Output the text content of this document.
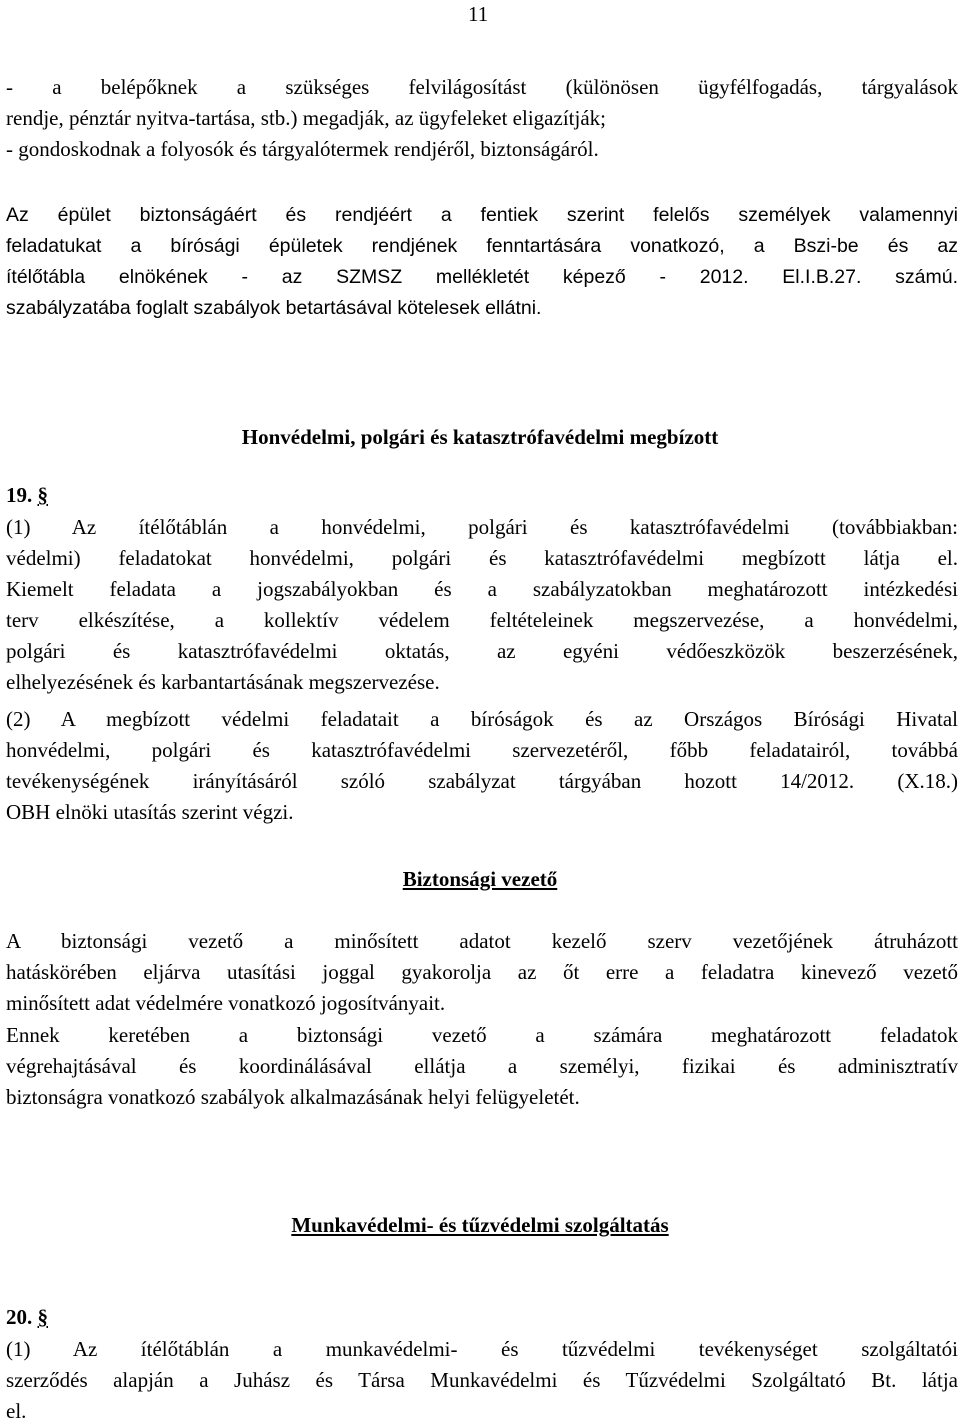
11
- a belépőknek a szükséges felvilágosítást (különösen ügyfélfogadás, tárgyalások
rendje, pénztár nyitva-tartása, stb.) megadják, az ügyfeleket eligazítják;
- gondoskodnak a folyosók és tárgyalótermek rendjéről, biztonságáról.
Az épület biztonságáért és rendjéért a fentiek szerint felelős személyek valamennyi
feladatukat a bírósági épületek rendjének fenntartására vonatkozó, a Bszi-be és az
ítélőtábla elnökének - az SZMSZ mellékletét képező - 2012. El.I.B.27. számú.
szabályzatába foglalt szabályok betartásával kötelesek ellátni.
Honvédelmi, polgári és katasztrófavédelmi megbízott
19. §
(1) Az ítélőtáblán a honvédelmi, polgári és katasztrófavédelmi (továbbiakban:
védelmi) feladatokat honvédelmi, polgári és katasztrófavédelmi megbízott látja el.
Kiemelt feladata a jogszabályokban és a szabályzatokban meghatározott intézkedési
terv elkészítése, a kollektív védelem feltételeinek megszervezése, a honvédelmi,
polgári és katasztrófavédelmi oktatás, az egyéni védőeszközök beszerzésének,
elhelyezésének és karbantartásának megszervezése.
(2) A megbízott védelmi feladatait a bíróságok és az Országos Bírósági Hivatal
honvédelmi, polgári és katasztrófavédelmi szervezetéről, főbb feladatairól, továbbá
tevékenységének irányításáról szóló szabályzat tárgyában hozott 14/2012. (X.18.)
OBH elnöki utasítás szerint végzi.
Biztonsági vezető
A biztonsági vezető a minősített adatot kezelő szerv vezetőjének átruházott
hatáskörében eljárva utasítási joggal gyakorolja az őt erre a feladatra kinevező vezető
minősített adat védelmére vonatkozó jogosítványait.
Ennek keretében a biztonsági vezető a számára meghatározott feladatok
végrehajtásával és koordinálásával ellátja a személyi, fizikai és adminisztratív
biztonságra vonatkozó szabályok alkalmazásának helyi felügyeletét.
Munkavédelmi- és tűzvédelmi szolgáltatás
20. §
(1) Az ítélőtáblán a munkavédelmi- és tűzvédelmi tevékenységet szolgáltatói
szerződés alapján a Juhász és Társa Munkavédelmi és Tűzvédelmi Szolgáltató Bt. látja
el.
